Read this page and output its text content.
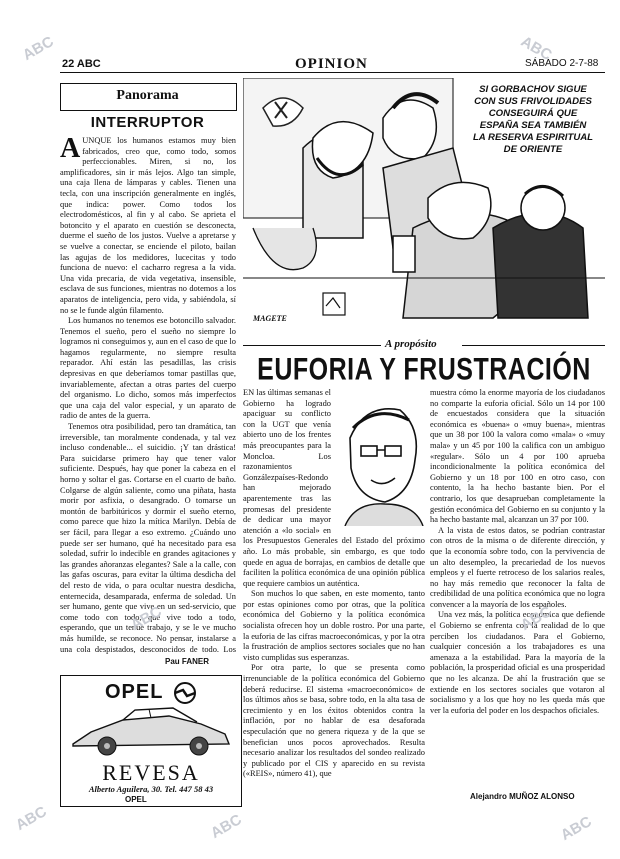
22 ABC	OPINION	SÁBADO 2-7-88
Panorama
INTERRUPTOR

AUNQUE los humanos estamos muy bien fabricados, creo que, como todo, somos perfeccionables. Miren, si no, los amplificadores, sin ir más lejos. Algo tan simple, una caja llena de lámparas y cables. Tienen una tecla, con una inscripción generalmente en inglés, que indica: power. Como todos los electrodomésticos, al fin y al cabo. Se aprieta el botoncito y el aparato en cuestión se desconecta, duerme el sueño de los justos. Vuelve a apretarse y se vuelve a conectar, se enciende el piloto, bailan las agujas de los medidores, lucecitas y todo funciona de nuevo: el cacharro regresa a la vida. Una vida precaria, de vida vegetativa, insensible, esclava de sus funciones, mientras no dotemos a los aparatos de inteligencia, pero vida, y sabiéndola, sí no se le funde algún filamento.

Los humanos no tenemos ese botoncillo salvador. Tenemos el sueño, pero el sueño no siempre lo logramos ni conseguimos y, aun en el caso de que lo hagamos regularmente, no siempre resulta reparador. Ahí están las pesadillas, las crisis depresivas en que deberíamos tomar pastillas que, invariablemente, afectan a otras partes del cuerpo del organismo. Lo dicho, somos más imperfectos que una caja del valor especial, y un aparato de radio de antes de la guerra.

Tenemos otra posibilidad, pero tan dramática, tan irreversible, tan moralmente condenada, y tal vez incluso condenable... el suicidio. ¡Y tan drástica! Para suicidarse primero hay que tener valor suficiente. Después, hay que poner la cabeza en el horno y soltar el gas. Cortarse en el cuarto de baño. Colgarse de algún saliente, como una piñata, hasta morir por asfixia, o desangrado. O tomarse un montón de barbitúricos y dormir el sueño eterno, como parece que hizo la mítica Marilyn. Debía de ser fácil, para llegar a eso extremo. ¿Cuándo uno puede ser ser humano, qué ha necesitado para esa soledad, sufrir lo indecible en grandes agitaciones y las grandes añoranzas elegantes? Sale a la calle, con las gafas oscuras, para evitar la última desdicha del del resto de vida, o para ocultar nuestra desdicha, enternecida, desamparada, enferma de soledad. Un ser humano, gente que vive en un sed-servicio, que come todo con todo, que vive todo a todo, esperando, que un tenue trabajo, y se le ve mucho más humilde, se reconoce. No pensar, instalarse a una cola despistados, desconocidos de todo. Los

Pau FANER
OPEL
REVESA
Alberto Aguilera, 30. Tel. 447 58 43
OPEL
SI GORBACHOV SIGUE
CON SUS FRIVOLIDADES
CONSEGUIRÁ QUE
ESPAÑA SEA TAMBIÉN
LA RESERVA ESPIRITUAL
DE ORIENTE
MAGETE
A propósito
EUFORIA Y FRUSTRACIÓN

EN las últimas semanas el Gobierno ha logrado apaciguar su conflicto con la UGT que venía abierto uno de los frentes más preocupantes para la Moncloa. Los razonamientos Gonzálezpaíses-Redondo han mejorado aparentemente tras las promesas del presidente de dedicar una mayor atención a «lo social» en los Presupuestos Generales del Estado del próximo año. Lo más probable, sin embargo, es que todo quede en agua de borrajas, en cambios de detalle que faciliten la política económica de una opinión pública que requiere cambios un auténtica.

Son muchos lo que saben, en este momento, tanto por estas opiniones como por otras, que la política económica del Gobierno y la política económica socialista ofrecen hoy un doble rostro. Por una parte, la euforia de las cifras macroeconómicas, y por la otra la frustración de amplios sectores sociales que no han visto cumplidas sus esperanzas.

Por otra parte, lo que se presenta como irrenunciable de la política económica del Gobierno deberá reducirse. El sistema «macroeconómico» de los últimos años se basa, sobre todo, en la alta tasa de crecimiento y en los éxitos obtenidos contra la inflación, por no hablar de esa desaforada especulación que no genera riqueza y de la que se benefician unos pocos aprovechados. Resulta necesario analizar los resultados del sondeo realizado y publicado por el CIS y aparecido en su revista («REIS», número 41), que

muestra cómo la enorme mayoría de los ciudadanos no comparte la euforia oficial. Sólo un 14 por 100 de encuestados considera que la situación económica es «buena» o «muy buena», mientras que un 38 por 100 la valora como «mala» o «muy mala» y un 45 por 100 la califica con un ambiguo «regular». Sólo un 4 por 100 aprueba incondicionalmente la política económica del Gobierno y un 18 por 100 en otro caso, con contento, la ha hecho bastante bien. Por el contrario, los que desaprueban completamente la gestión económica del Gobierno en su conjunto y la ha hecho bastante mal, alcanzan un 37 por 100.

A la vista de estos datos, se podrían contrastar con otros de la misma o de diferente dirección, y que la economía sobre todo, con la pervivencia de un alto desempleo, la precariedad de los nuevos empleos y el fuerte retroceso de los salarios reales, no hay más remedio que reconocer la falta de credibilidad de una política económica que no logra convencer a la mayoría de los españoles.

Una vez más, la política económica que defiende el Gobierno se enfrenta con la realidad de lo que perciben los ciudadanos. Para el Gobierno, cualquier concesión a los trabajadores es una amenaza a la estabilidad. Para la mayoría de la población, la prosperidad oficial es una prosperidad que no les alcanza. De ahí la frustración que se extiende en los sectores sociales que votaron al socialismo y a los que hoy no les queda más que ver la euforia del poder en los despachos oficiales.

Alejandro MUÑOZ ALONSO
ABC	ABC
ABC	ABC
ABC	ABC	ABC
